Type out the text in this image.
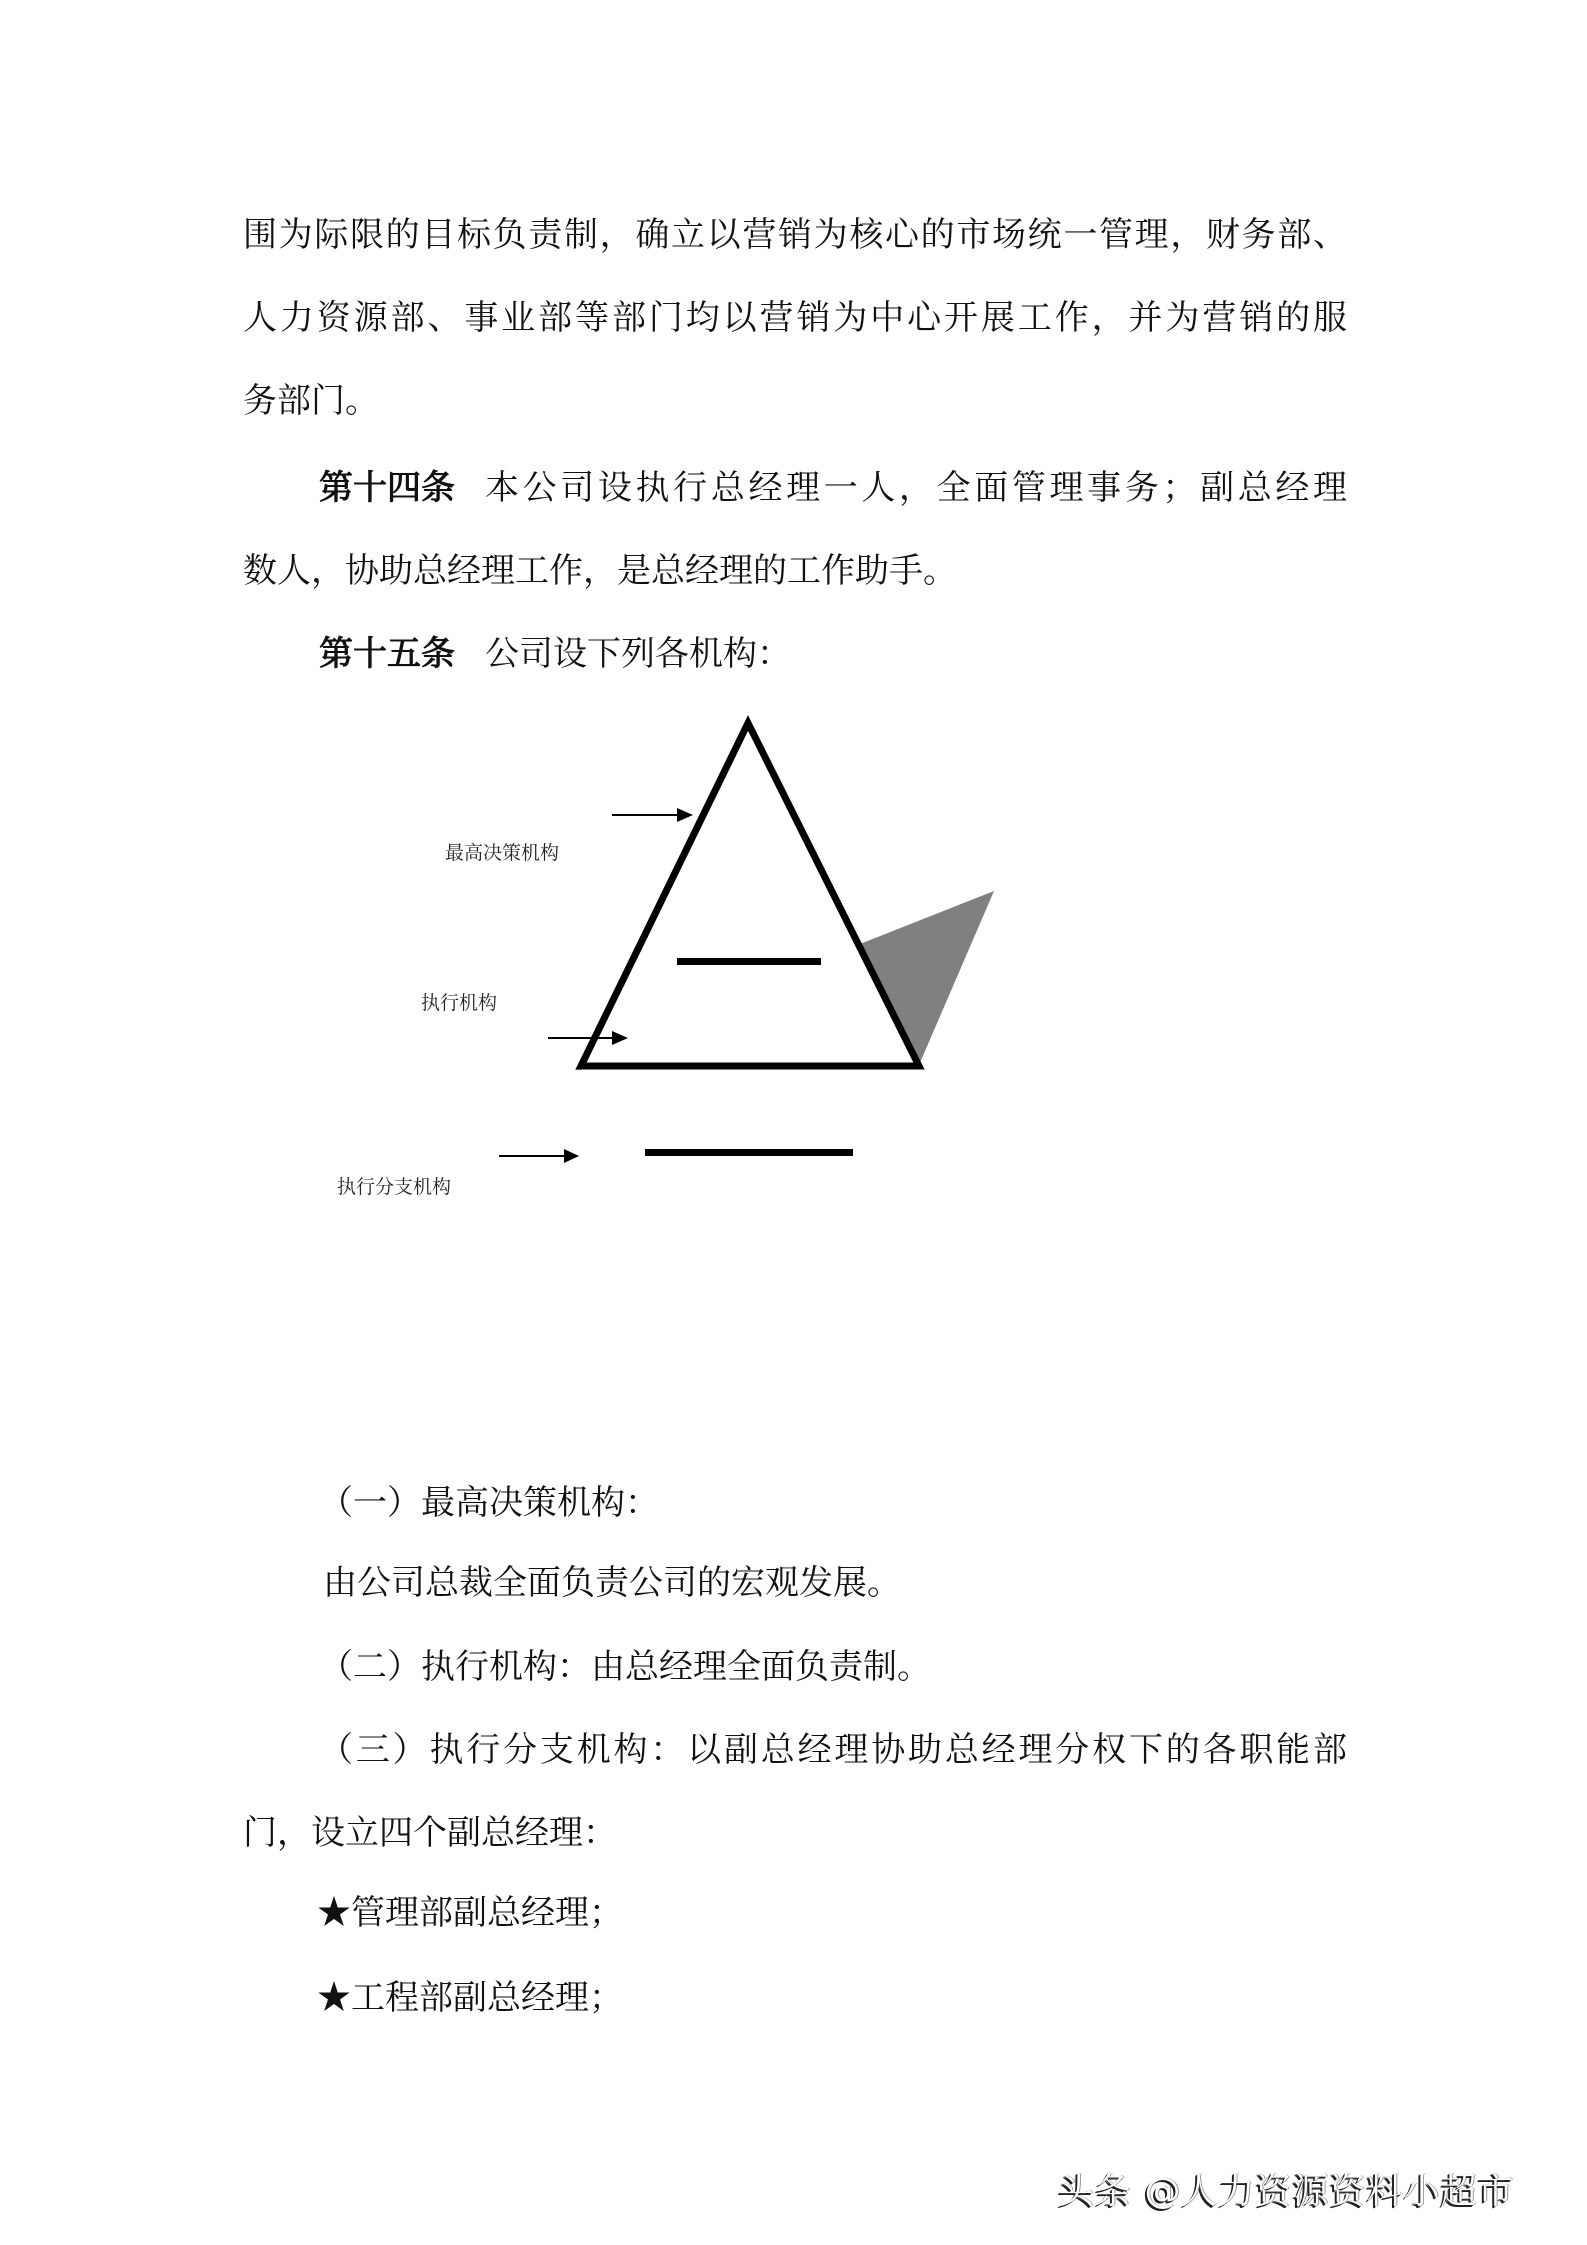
围为际限的目标负责制，确立以营销为核心的市场统一管理，财务部、
人力资源部、事业部等部门均以营销为中心开展工作，并为营销的服
务部门。
第十四条 本公司设执行总经理一人，全面管理事务；副总经理
数人，协助总经理工作，是总经理的工作助手。
第十五条 公司设下列各机构：
最高决策机构
执行机构
执行分支机构
（一）最高决策机构：
由公司总裁全面负责公司的宏观发展。
（二）执行机构：由总经理全面负责制。
（三）执行分支机构：以副总经理协助总经理分权下的各职能部
门，设立四个副总经理：
★管理部副总经理；
★工程部副总经理；
头条 @人力资源资料小超市
